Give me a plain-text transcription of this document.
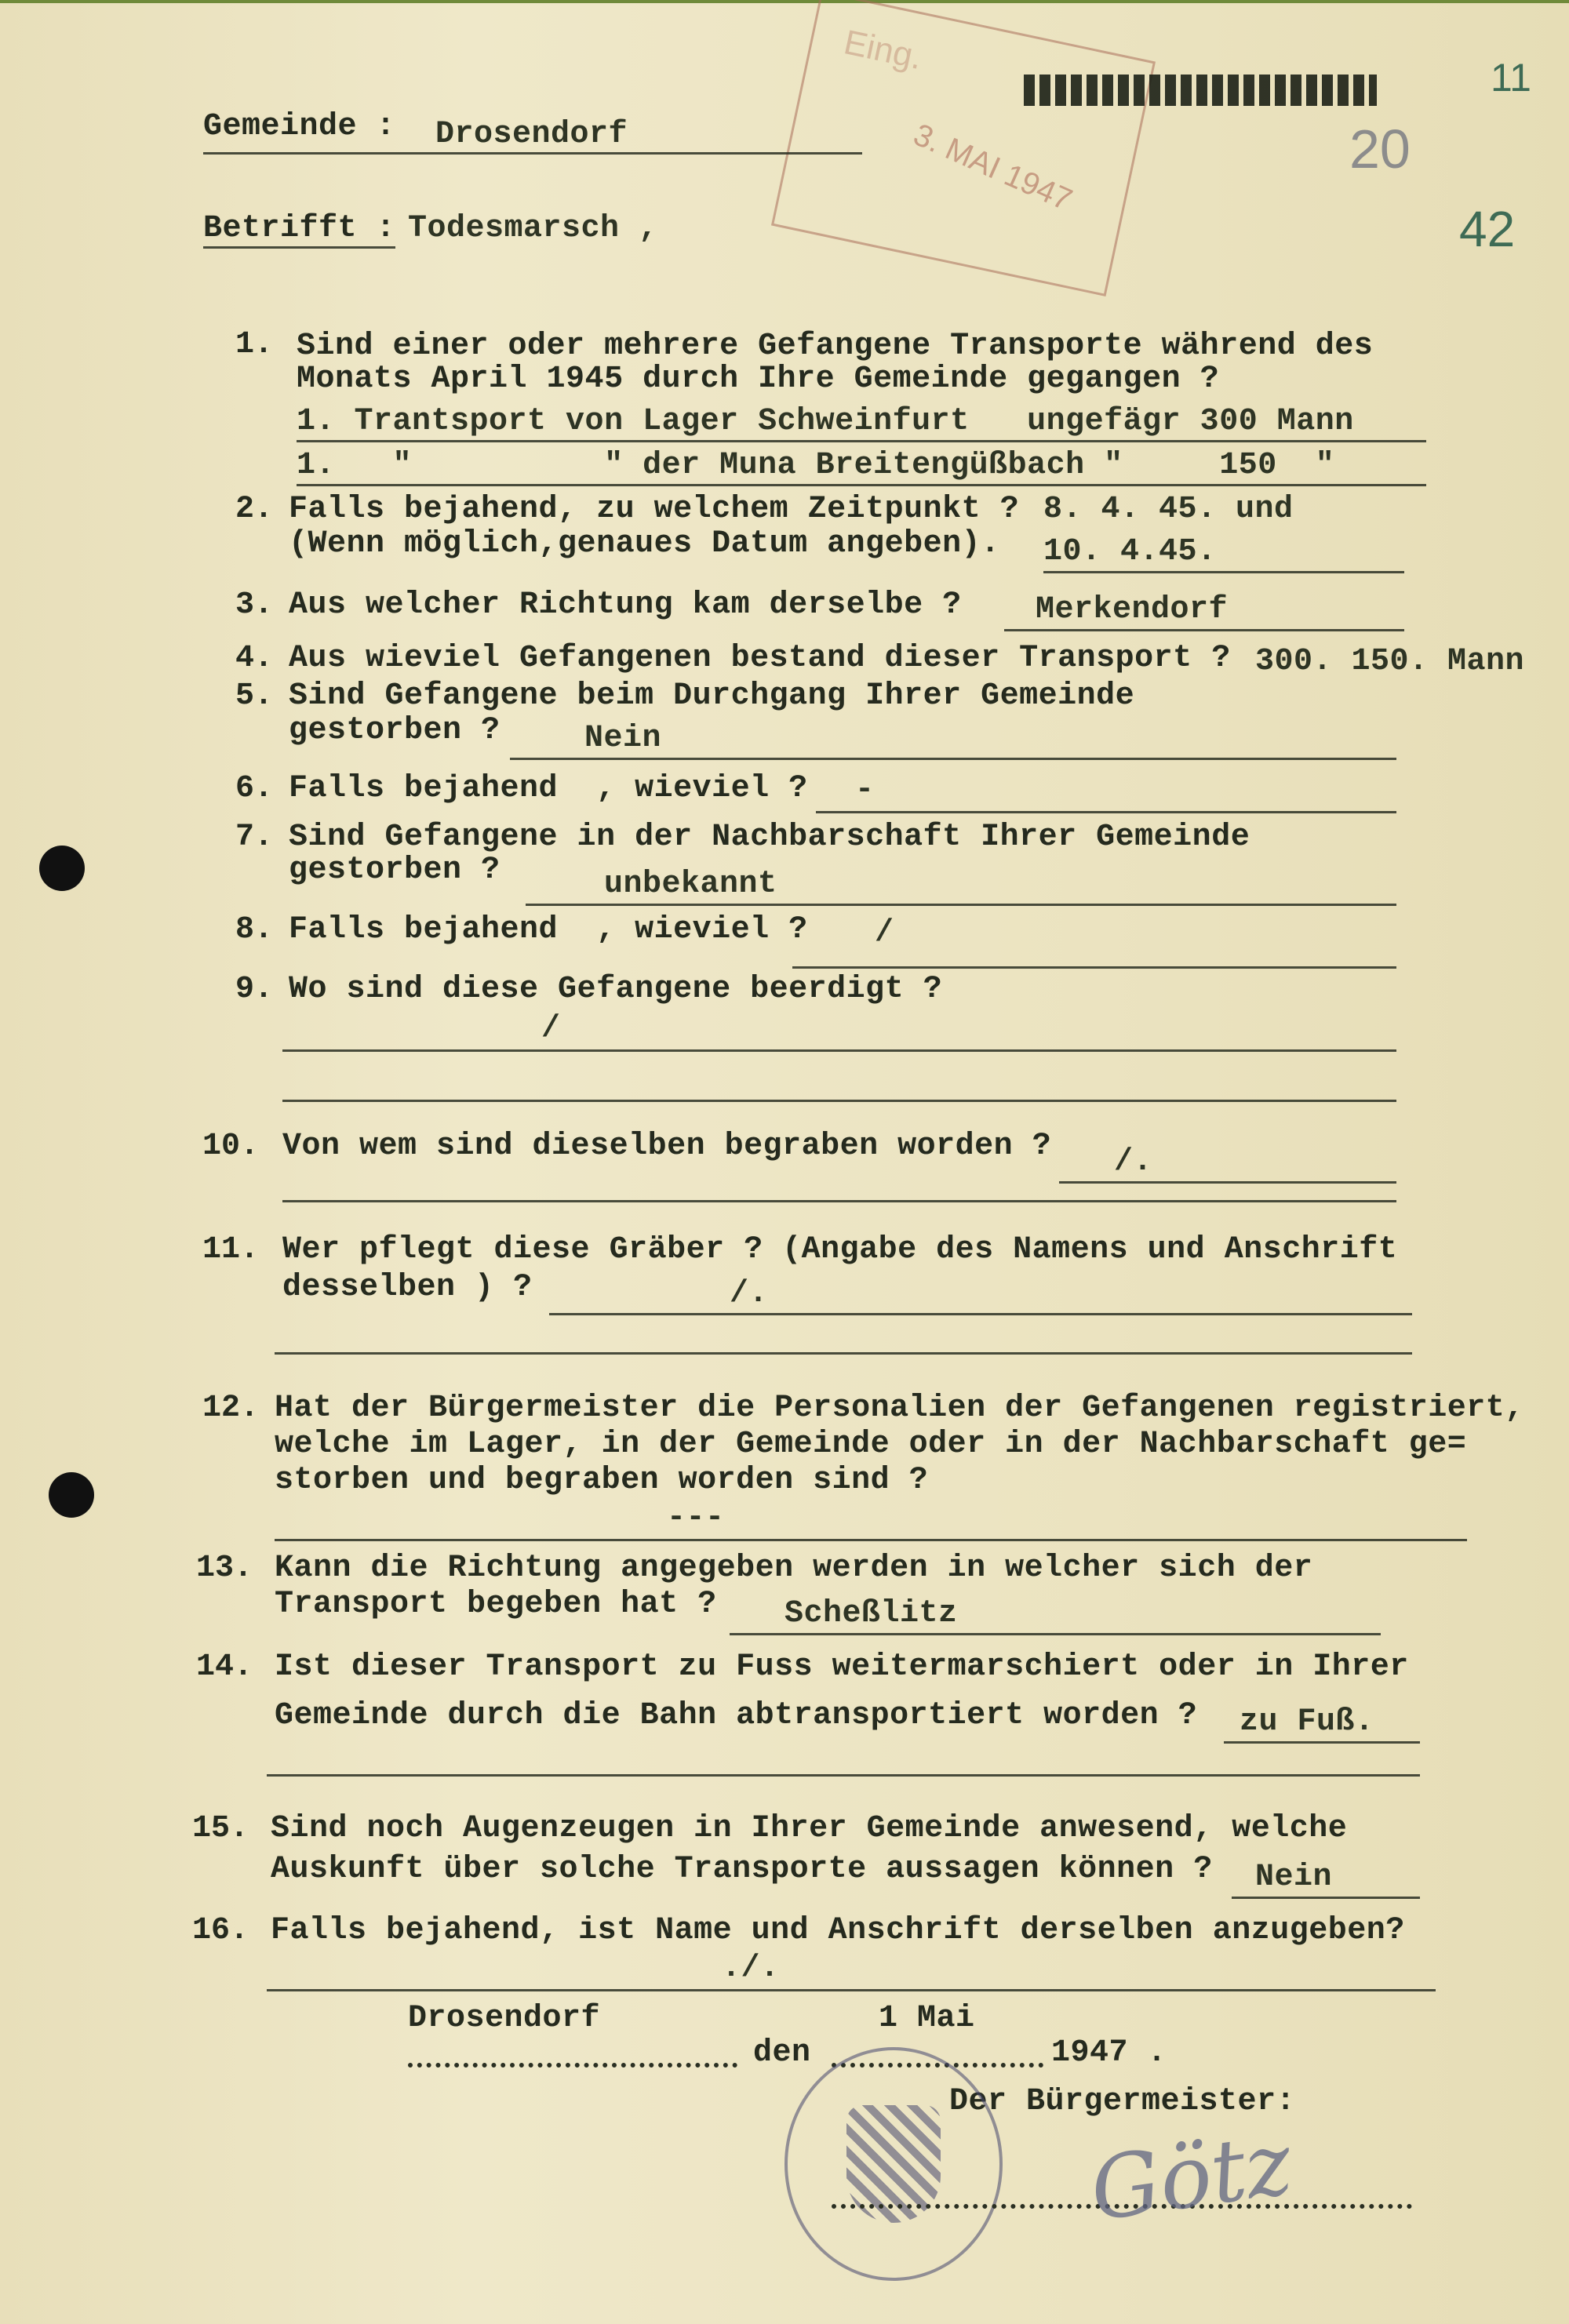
Eing.
3. MAI 1947
11
20
42
Gemeinde : Drosendorf
Betrifft : Todesmarsch ,
1. Sind einer oder mehrere Gefangene Transporte während des
Monats April 1945 durch Ihre Gemeinde gegangen ?
1. Trantsport von Lager Schweinfurt   ungefägr 300 Mann
1.   "          " der Muna Breitengüßbach "     150  "
2. Falls bejahend, zu welchem Zeitpunkt ?
(Wenn möglich,genaues Datum angeben).
8. 4. 45. und
10. 4.45.
3. Aus welcher Richtung kam derselbe ? Merkendorf
4. Aus wieviel Gefangenen bestand dieser Transport ? 300. 150. Mann
5. Sind Gefangene beim Durchgang Ihrer Gemeinde
gestorben ?	Nein
6. Falls bejahend  , wieviel ? -
7. Sind Gefangene in der Nachbarschaft Ihrer Gemeinde
gestorben ?	unbekannt
8. Falls bejahend  , wieviel ? /
9. Wo sind diese Gefangene beerdigt ?
/
10. Von wem sind dieselben begraben worden ? /.
11. Wer pflegt diese Gräber ? (Angabe des Namens und Anschrift
desselben ) ?	/.
12. Hat der Bürgermeister die Personalien der Gefangenen registriert,
welche im Lager, in der Gemeinde oder in der Nachbarschaft ge=
---
storben und begraben worden sind ?
13. Kann die Richtung angegeben werden in welcher sich der
Transport begeben hat ? Scheßlitz
14. Ist dieser Transport zu Fuss weitermarschiert oder in Ihrer
Gemeinde durch die Bahn abtransportiert worden ? zu Fuß.
15. Sind noch Augenzeugen in Ihrer Gemeinde anwesend, welche
Auskunft über solche Transporte aussagen können ? Nein
16. Falls bejahend, ist Name und Anschrift derselben anzugeben?
./.
Drosendorf
den
1 Mai
1947 .
Der Bürgermeister:
Götz
